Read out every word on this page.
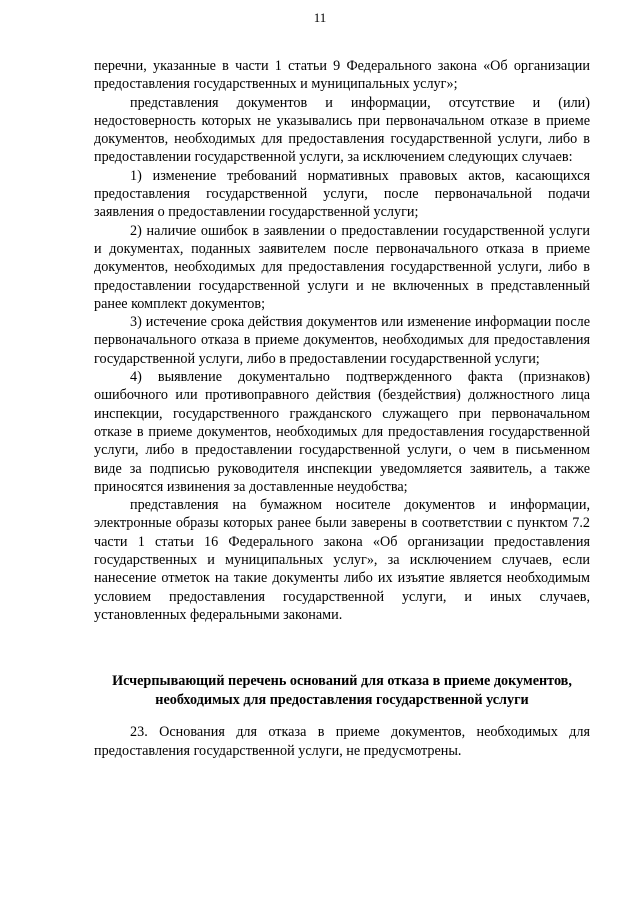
11

перечни, указанные в части 1 статьи 9 Федерального закона «Об организации предоставления государственных и муниципальных услуг»;

представления документов и информации, отсутствие и (или) недостоверность которых не указывались при первоначальном отказе в приеме документов, необходимых для предоставления государственной услуги, либо в предоставлении государственной услуги, за исключением следующих случаев:

1) изменение требований нормативных правовых актов, касающихся предоставления государственной услуги, после первоначальной подачи заявления о предоставлении государственной услуги;

2) наличие ошибок в заявлении о предоставлении государственной услуги и документах, поданных заявителем после первоначального отказа в приеме документов, необходимых для предоставления государственной услуги, либо в предоставлении государственной услуги и не включенных в представленный ранее комплект документов;

3) истечение срока действия документов или изменение информации после первоначального отказа в приеме документов, необходимых для предоставления государственной услуги, либо в предоставлении государственной услуги;

4) выявление документально подтвержденного факта (признаков) ошибочного или противоправного действия (бездействия) должностного лица инспекции, государственного гражданского служащего при первоначальном отказе в приеме документов, необходимых для предоставления государственной услуги, либо в предоставлении государственной услуги, о чем в письменном виде за подписью руководителя инспекции уведомляется заявитель, а также приносятся извинения за доставленные неудобства;

представления на бумажном носителе документов и информации, электронные образы которых ранее были заверены в соответствии с пунктом 7.2 части 1 статьи 16 Федерального закона «Об организации предоставления государственных и муниципальных услуг», за исключением случаев, если нанесение отметок на такие документы либо их изъятие является необходимым условием предоставления государственной услуги, и иных случаев, установленных федеральными законами.

Исчерпывающий перечень оснований для отказа в приеме документов, необходимых для предоставления государственной услуги

23. Основания для отказа в приеме документов, необходимых для предоставления государственной услуги, не предусмотрены.
